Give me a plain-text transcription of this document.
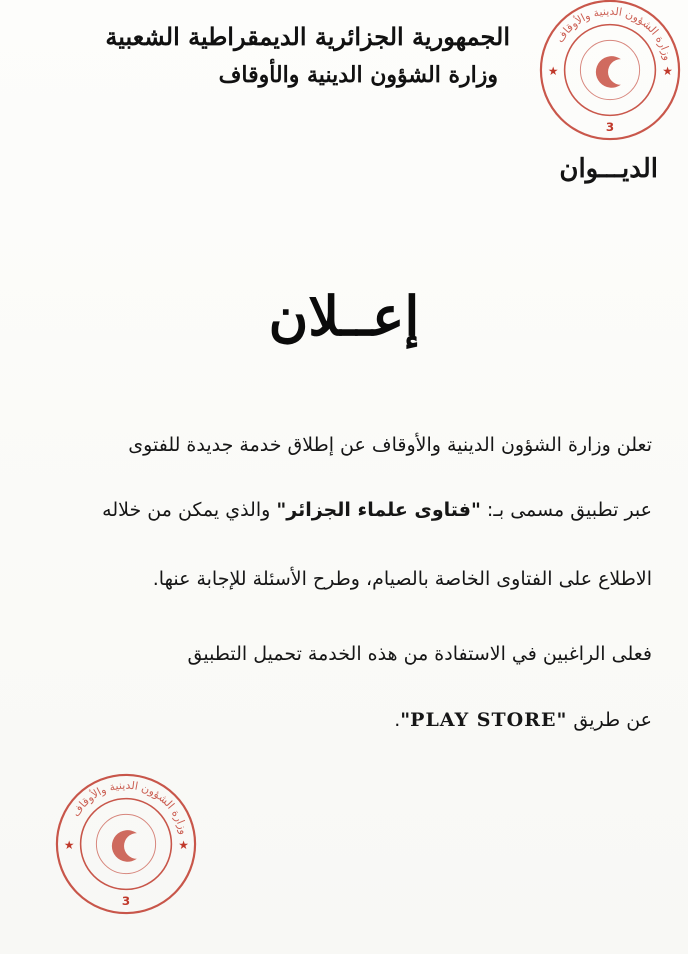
الجمهورية الجزائرية الديمقراطية الشعبية
وزارة الشؤون الدينية والأوقاف
الديـــوان
وزارة الشؤون الدينية والأوقاف
★	★
3
إعــلان
تعلن وزارة الشؤون الدينية والأوقاف عن إطلاق خدمة جديدة للفتوى
عبر تطبيق مسمى بـ: "فتاوى علماء الجزائر" والذي يمكن من خلاله
الاطلاع على الفتاوى الخاصة بالصيام، وطرح الأسئلة للإجابة عنها.
فعلى الراغبين في الاستفادة من هذه الخدمة تحميل التطبيق
عن طريق "PLAY STORE".
وزارة الشؤون الدينية والأوقاف
★	★
3
